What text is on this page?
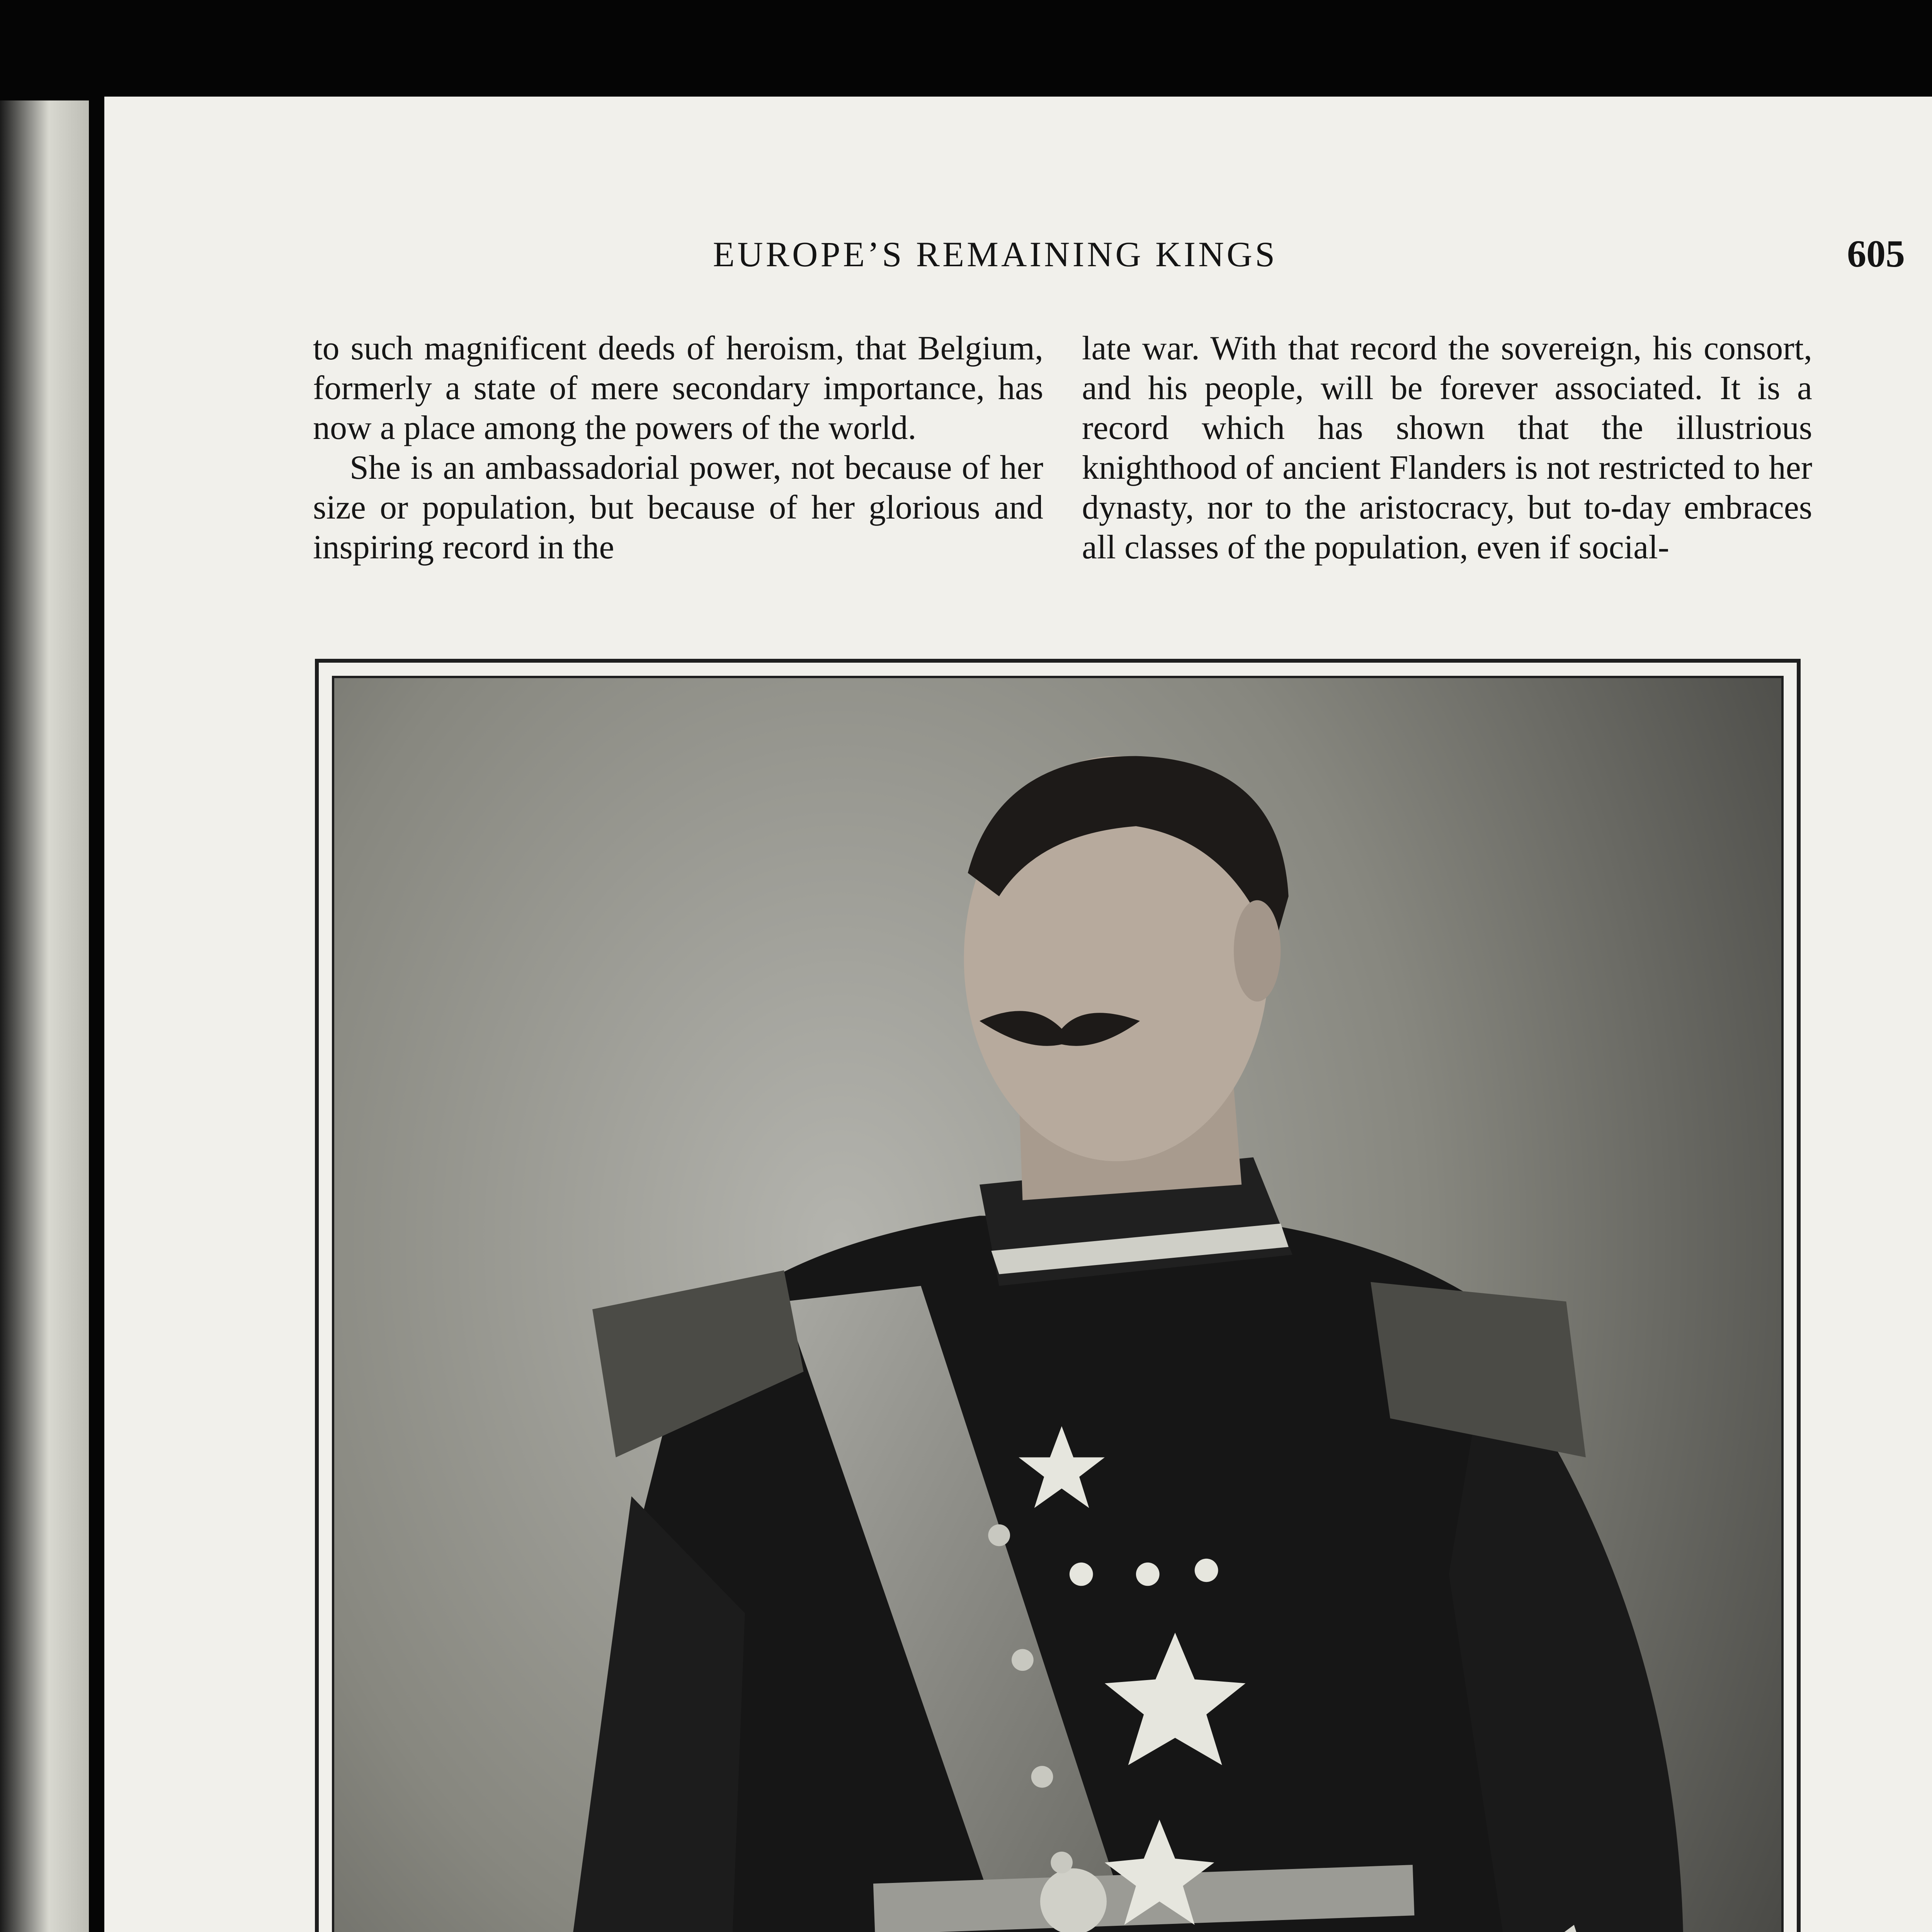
EUROPE’S REMAINING KINGS	605

to such magnificent deeds of heroism, that Belgium, formerly a state of mere secondary importance, has now a place among the powers of the world.

She is an ambassadorial power, not because of her size or population, but because of her glorious and inspiring record in the

late war. With that record the sovereign, his consort, and his people, will be forever associated. It is a record which has shown that the illustrious knighthood of ancient Flanders is not restricted to her dynasty, nor to the aristocracy, but to-day embraces all classes of the population, even if social-
